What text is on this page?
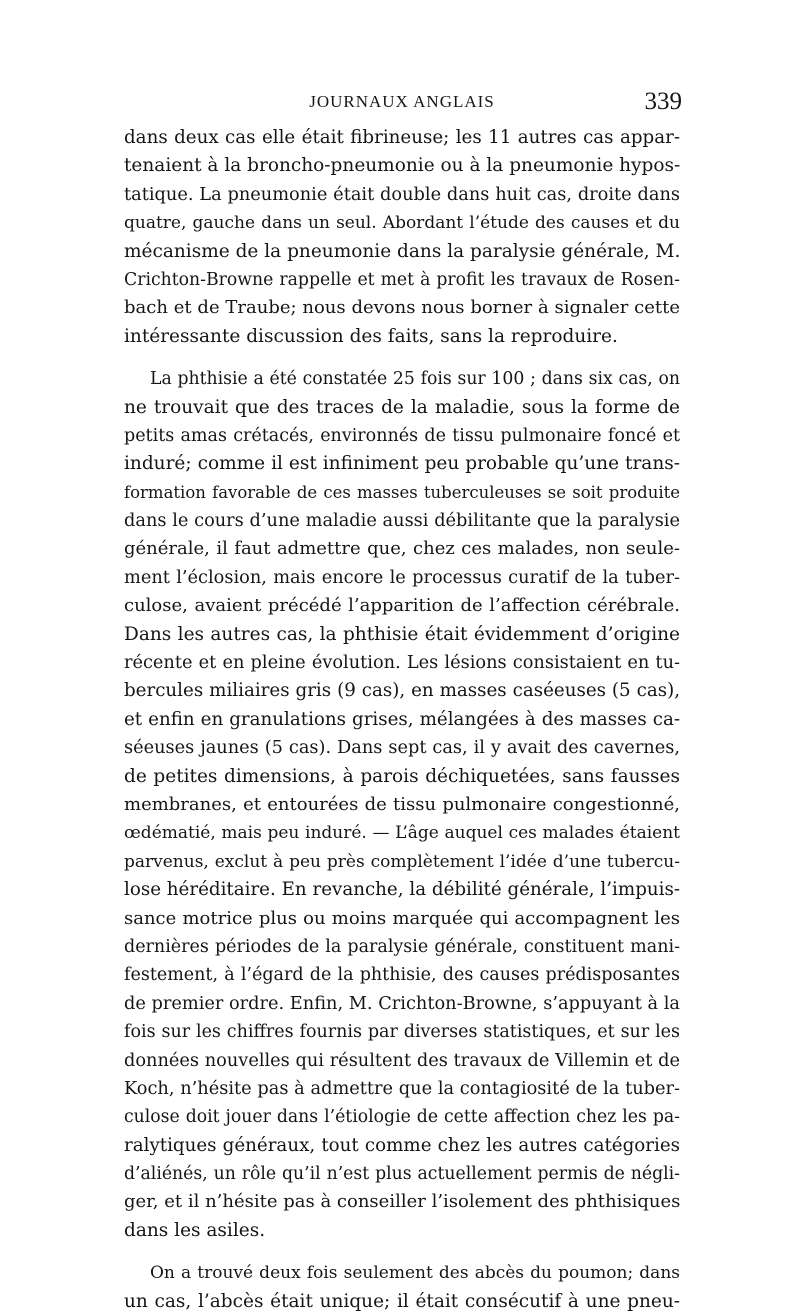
JOURNAUX ANGLAIS	339

dans deux cas elle était fibrineuse; les 11 autres cas appar-
tenaient à la broncho-pneumonie ou à la pneumonie hypos-
tatique. La pneumonie était double dans huit cas, droite dans
quatre, gauche dans un seul. Abordant l’étude des causes et du
mécanisme de la pneumonie dans la paralysie générale, M.
Crichton-Browne rappelle et met à profit les travaux de Rosen-
bach et de Traube; nous devons nous borner à signaler cette
intéressante discussion des faits, sans la reproduire.

La phthisie a été constatée 25 fois sur 100 ; dans six cas, on
ne trouvait que des traces de la maladie, sous la forme de
petits amas crétacés, environnés de tissu pulmonaire foncé et
induré; comme il est infiniment peu probable qu’une trans-
formation favorable de ces masses tuberculeuses se soit produite
dans le cours d’une maladie aussi débilitante que la paralysie
générale, il faut admettre que, chez ces malades, non seule-
ment l’éclosion, mais encore le processus curatif de la tuber-
culose, avaient précédé l’apparition de l’affection cérébrale.
Dans les autres cas, la phthisie était évidemment d’origine
récente et en pleine évolution. Les lésions consistaient en tu-
bercules miliaires gris (9 cas), en masses caséeuses (5 cas),
et enfin en granulations grises, mélangées à des masses ca-
séeuses jaunes (5 cas). Dans sept cas, il y avait des cavernes,
de petites dimensions, à parois déchiquetées, sans fausses
membranes, et entourées de tissu pulmonaire congestionné,
œdématié, mais peu induré. — L’âge auquel ces malades étaient
parvenus, exclut à peu près complètement l’idée d’une tubercu-
lose héréditaire. En revanche, la débilité générale, l’impuis-
sance motrice plus ou moins marquée qui accompagnent les
dernières périodes de la paralysie générale, constituent mani-
festement, à l’égard de la phthisie, des causes prédisposantes
de premier ordre. Enfin, M. Crichton-Browne, s’appuyant à la
fois sur les chiffres fournis par diverses statistiques, et sur les
données nouvelles qui résultent des travaux de Villemin et de
Koch, n’hésite pas à admettre que la contagiosité de la tuber-
culose doit jouer dans l’étiologie de cette affection chez les pa-
ralytiques généraux, tout comme chez les autres catégories
d’aliénés, un rôle qu’il n’est plus actuellement permis de négli-
ger, et il n’hésite pas à conseiller l’isolement des phthisiques
dans les asiles.

On a trouvé deux fois seulement des abcès du poumon; dans
un cas, l’abcès était unique; il était consécutif à une pneu-
